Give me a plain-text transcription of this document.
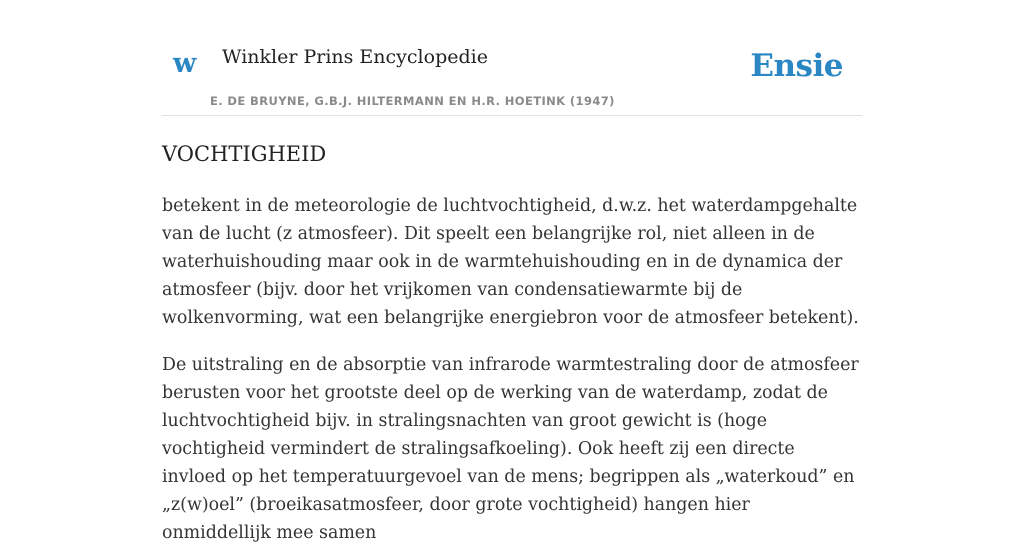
w Winkler Prins Encyclopedie
E. DE BRUYNE, G.B.J. HILTERMANN EN H.R. HOETINK (1947)
Ensie
VOCHTIGHEID

betekent in de meteorologie de luchtvochtigheid, d.w.z. het waterdampgehalte van de lucht (z atmosfeer). Dit speelt een belangrijke rol, niet alleen in de waterhuishouding maar ook in de warmtehuishouding en in de dynamica der atmosfeer (bijv. door het vrijkomen van condensatiewarmte bij de wolkenvorming, wat een belangrijke energiebron voor de atmosfeer betekent).

De uitstraling en de absorptie van infrarode warmtestraling door de atmosfeer berusten voor het grootste deel op de werking van de waterdamp, zodat de luchtvochtigheid bijv. in stralingsnachten van groot gewicht is (hoge vochtigheid vermindert de stralingsafkoeling). Ook heeft zij een directe invloed op het temperatuurgevoel van de mens; begrippen als „waterkoud” en „z(w)oel” (broeikasatmosfeer, door grote vochtigheid) hangen hier onmiddellijk mee samen
